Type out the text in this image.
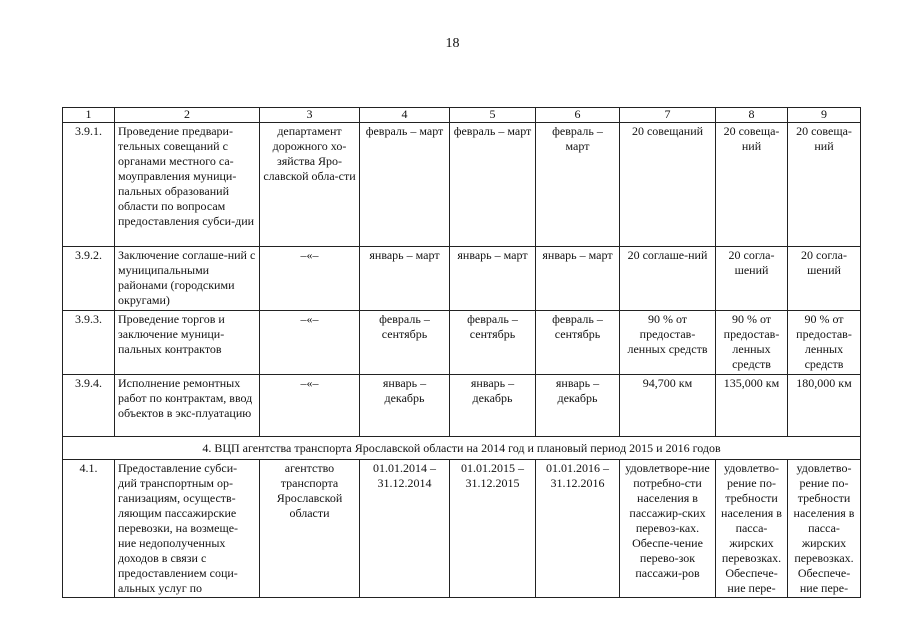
18
1	2	3	4	5	6	7	8	9
3.9.1.	Проведение предвари-тельных совещаний с органами местного са-моуправления муници-пальных образований области по вопросам предоставления субси-дии	департамент дорожного хо-зяйства Яро-славской обла-сти	февраль – март	февраль – март	февраль – март	20 совещаний	20 совеща-ний	20 совеща-ний
3.9.2.	Заключение соглаше-ний с муниципальными районами (городскими округами)	–«–	январь – март	январь – март	январь – март	20 соглаше-ний	20 согла-шений	20 согла-шений
3.9.3.	Проведение торгов и заключение муници-пальных контрактов	–«–	февраль – сентябрь	февраль – сентябрь	февраль – сентябрь	90 % от предостав-ленных средств	90 % от предостав-ленных средств	90 % от предостав-ленных средств
3.9.4.	Исполнение ремонтных работ по контрактам, ввод объектов в экс-плуатацию	–«–	январь – декабрь	январь – декабрь	январь – декабрь	94,700 км	135,000 км	180,000 км
4. ВЦП агентства транспорта Ярославской области на 2014 год и плановый период 2015 и 2016 годов								
4.1.	Предоставление субси-дий транспортным ор-ганизациям, осуществ-ляющим пассажирские перевозки, на возмеще-ние недополученных доходов в связи с предоставлением соци-альных услуг по	агентство транспорта Ярославской области	01.01.2014 – 31.12.2014	01.01.2015 – 31.12.2015	01.01.2016 – 31.12.2016	удовлетворе-ние потребно-сти населения в пассажир-ских перевоз-ках. Обеспе-чение перево-зок пассажи-ров	удовлетво-рение по-требности населения в пасса-жирских перевозках. Обеспече-ние пере-	удовлетво-рение по-требности населения в пасса-жирских перевозках. Обеспече-ние пере-
